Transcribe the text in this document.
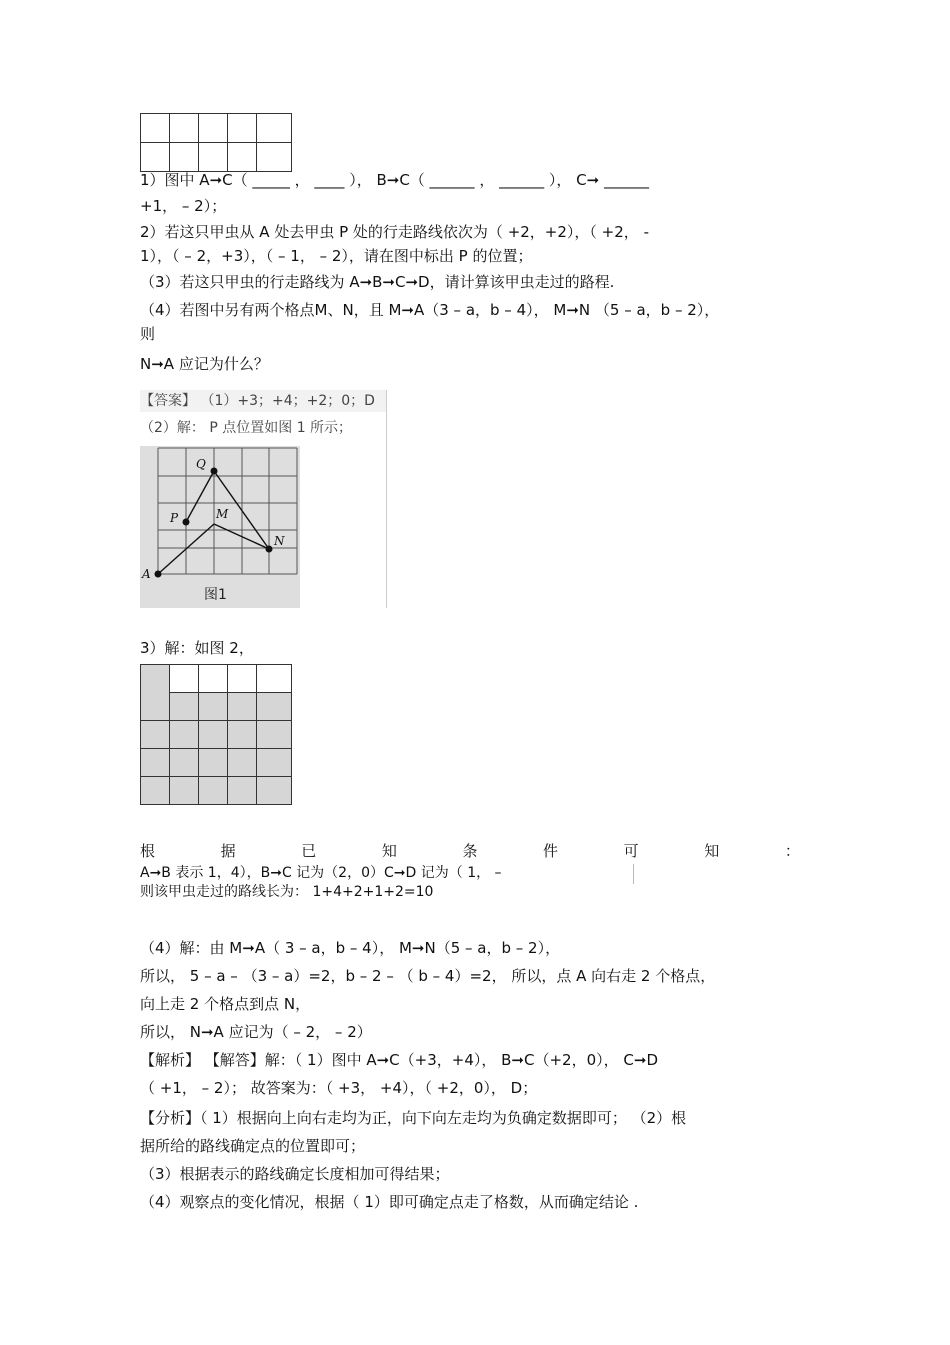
1）图中 A➞C（ _____ ， ____ ）， B➞C（ ______ ， ______ ）， C➞ ______
+1， – 2）；
2）若这只甲虫从 A 处去甲虫 P 处的行走路线依次为（ +2，+2），（ +2， -
1），（ – 2，+3），（ – 1， – 2），请在图中标出 P 的位置；
（3）若这只甲虫的行走路线为 A➞B➞C➞D，请计算该甲虫走过的路程.
（4）若图中另有两个格点M、N，且 M➞A（3 – a，b – 4）， M➞N （5 – a，b – 2），
则
N➞A 应记为什么？
【答案】 （1）+3；+4；+2；0；D
（2）解： P 点位置如图 1 所示；
Q
P	M
N
A
图1
3）解：如图 2，

根	据	已	知	条	件	可	知	：
A➞B 表示 1，4），B➞C 记为（2，0）C➞D 记为（ 1， –
则该甲虫走过的路线长为： 1+4+2+1+2=10
（4）解：由 M➞A（ 3 – a，b – 4）， M➞N（5 – a，b – 2），
所以， 5 – a – （3 – a）=2，b – 2 – （ b – 4）=2， 所以，点 A 向右走 2 个格点，
向上走 2 个格点到点 N，
所以， N➞A 应记为（ – 2， – 2）
【解析】 【解答】解：（ 1）图中 A➞C（+3，+4）， B➞C（+2，0）， C➞D
（ +1， – 2）； 故答案为：（ +3， +4），（ +2，0）， D；
【分析】（ 1）根据向上向右走均为正，向下向左走均为负确定数据即可； （2）根
据所给的路线确定点的位置即可；
（3）根据表示的路线确定长度相加可得结果；
（4）观察点的变化情况，根据（ 1）即可确定点走了格数，从而确定结论 .
